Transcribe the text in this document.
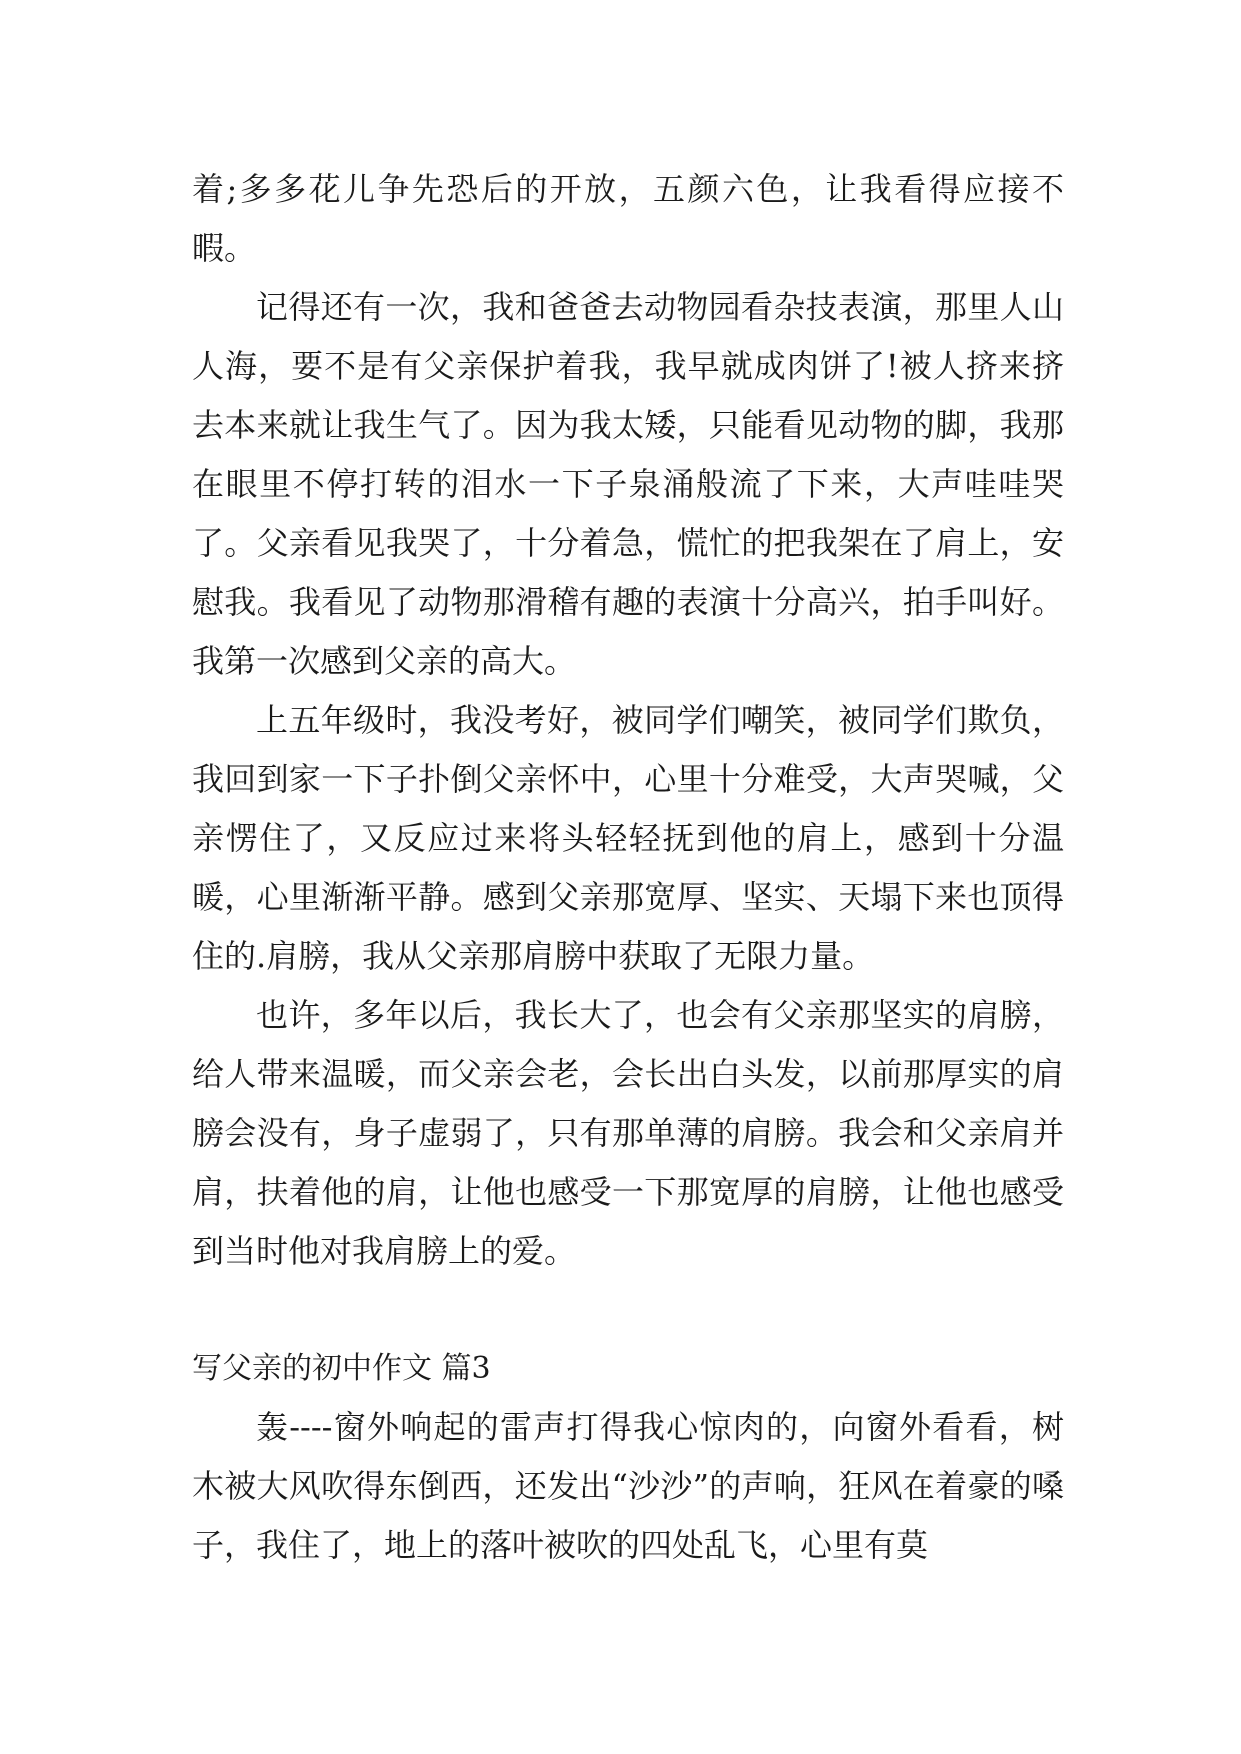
着;多多花儿争先恐后的开放，五颜六色，让我看得应接不暇。

记得还有一次，我和爸爸去动物园看杂技表演，那里人山人海，要不是有父亲保护着我，我早就成肉饼了!被人挤来挤去本来就让我生气了。因为我太矮，只能看见动物的脚，我那在眼里不停打转的泪水一下子泉涌般流了下来，大声哇哇哭了。父亲看见我哭了，十分着急，慌忙的把我架在了肩上，安慰我。我看见了动物那滑稽有趣的表演十分高兴，拍手叫好。我第一次感到父亲的高大。

上五年级时，我没考好，被同学们嘲笑，被同学们欺负，我回到家一下子扑倒父亲怀中，心里十分难受，大声哭喊，父亲愣住了，又反应过来将头轻轻抚到他的肩上，感到十分温暖，心里渐渐平静。感到父亲那宽厚、坚实、天塌下来也顶得住的.肩膀，我从父亲那肩膀中获取了无限力量。

也许，多年以后，我长大了，也会有父亲那坚实的肩膀，给人带来温暖，而父亲会老，会长出白头发，以前那厚实的肩膀会没有，身子虚弱了，只有那单薄的肩膀。我会和父亲肩并肩，扶着他的肩，让他也感受一下那宽厚的肩膀，让他也感受到当时他对我肩膀上的爱。

写父亲的初中作文 篇3

轰----窗外响起的雷声打得我心惊肉的，向窗外看看，树木被大风吹得东倒西，还发出“沙沙”的声响，狂风在着豪的嗓子，我住了，地上的落叶被吹的四处乱飞，心里有莫
